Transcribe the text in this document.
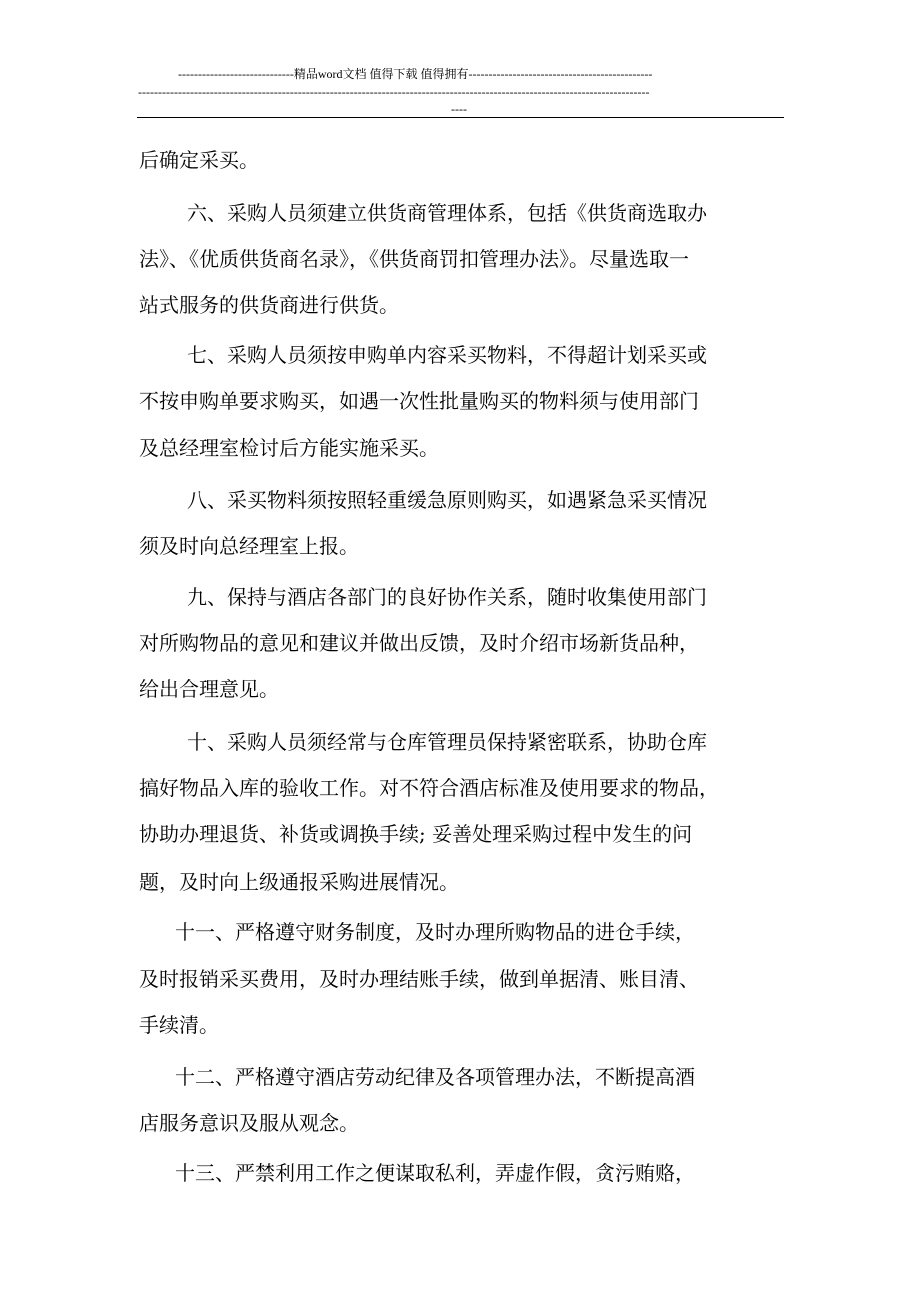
-----------------------------精品word文档 值得下载 值得拥有----------------------------------------------
--------------------------------------------------------------------------------------------------------------------------------
----
后确定采买。
六、采购人员须建立供货商管理体系，包括《供货商选取办
法》、《优质供货商名录》，《供货商罚扣管理办法》。尽量选取一
站式服务的供货商进行供货。
七、采购人员须按申购单内容采买物料，不得超计划采买或
不按申购单要求购买，如遇一次性批量购买的物料须与使用部门
及总经理室检讨后方能实施采买。
八、采买物料须按照轻重缓急原则购买，如遇紧急采买情况
须及时向总经理室上报。
九、保持与酒店各部门的良好协作关系，随时收集使用部门
对所购物品的意见和建议并做出反馈，及时介绍市场新货品种，
给出合理意见。
十、采购人员须经常与仓库管理员保持紧密联系，协助仓库
搞好物品入库的验收工作。对不符合酒店标准及使用要求的物品，
协助办理退货、补货或调换手续; 妥善处理采购过程中发生的问
题，及时向上级通报采购进展情况。
十一、严格遵守财务制度，及时办理所购物品的进仓手续，
及时报销采买费用，及时办理结账手续，做到单据清、账目清、
手续清。
十二、严格遵守酒店劳动纪律及各项管理办法，不断提高酒
店服务意识及服从观念。
十三、严禁利用工作之便谋取私利，弄虚作假，贪污贿赂，
